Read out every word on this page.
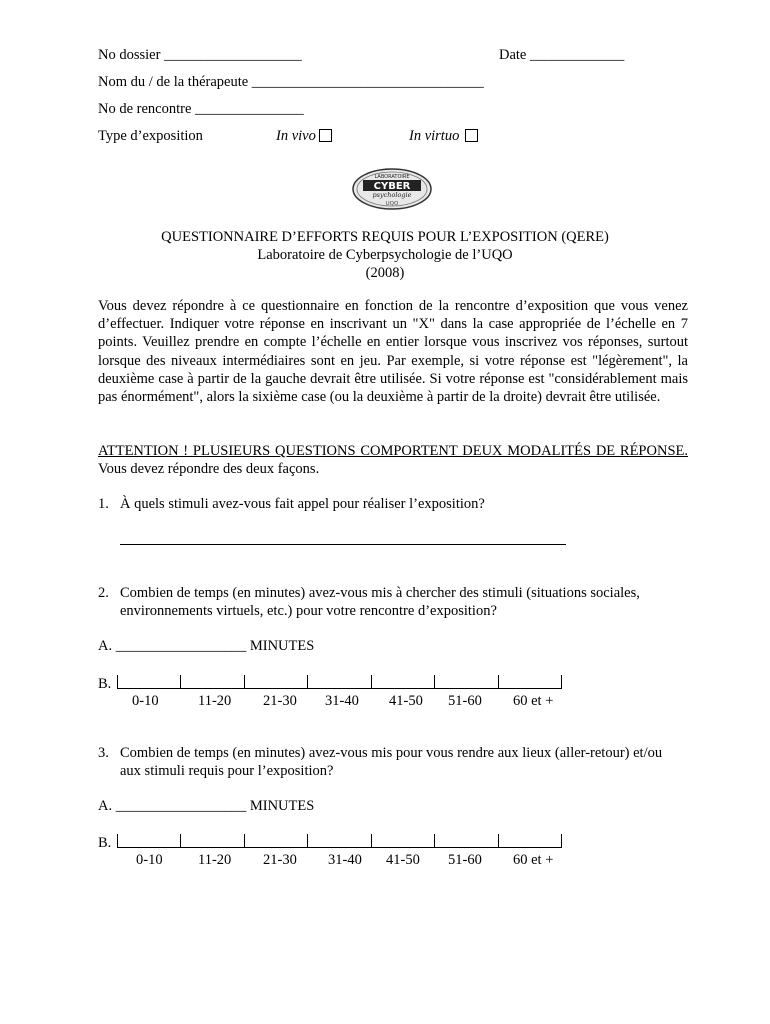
No dossier ___________________	Date _____________
Nom du / de la thérapeute ________________________________
No de rencontre _______________
Type d’exposition	In vivo	In virtuo
LABORATOIRE
CYBER
psychologie
UQO
QUESTIONNAIRE D’EFFORTS REQUIS POUR L’EXPOSITION (QERE)
Laboratoire de Cyberpsychologie de l’UQO
(2008)
Vous devez répondre à ce questionnaire en fonction de la rencontre d’exposition que vous venez d’effectuer. Indiquer votre réponse en inscrivant un "X" dans la case appropriée de l’échelle en 7 points. Veuillez prendre en compte l’échelle en entier lorsque vous inscrivez vos réponses, surtout lorsque des niveaux intermédiaires sont en jeu. Par exemple, si votre réponse est "légèrement", la deuxième case à partir de la gauche devrait être utilisée. Si votre réponse est "considérablement mais pas énormément", alors la sixième case (ou la deuxième à partir de la droite) devrait être utilisée.
ATTENTION ! PLUSIEURS QUESTIONS COMPORTENT DEUX MODALITÉS DE RÉPONSE. Vous devez répondre des deux façons.
1. À quels stimuli avez-vous fait appel pour réaliser l’exposition?
2. Combien de temps (en minutes) avez-vous mis à chercher des stimuli (situations sociales,
environnements virtuels, etc.) pour votre rencontre d’exposition?
A. __________________ MINUTES
B.
0-10	11-20 21-30 31-40 41-50 51-60 60 et +
3. Combien de temps (en minutes) avez-vous mis pour vous rendre aux lieux (aller-retour) et/ou
aux stimuli requis pour l’exposition?
A. __________________ MINUTES
B.
0-10 11-20 21-30 31-40 41-50 51-60 60 et +
